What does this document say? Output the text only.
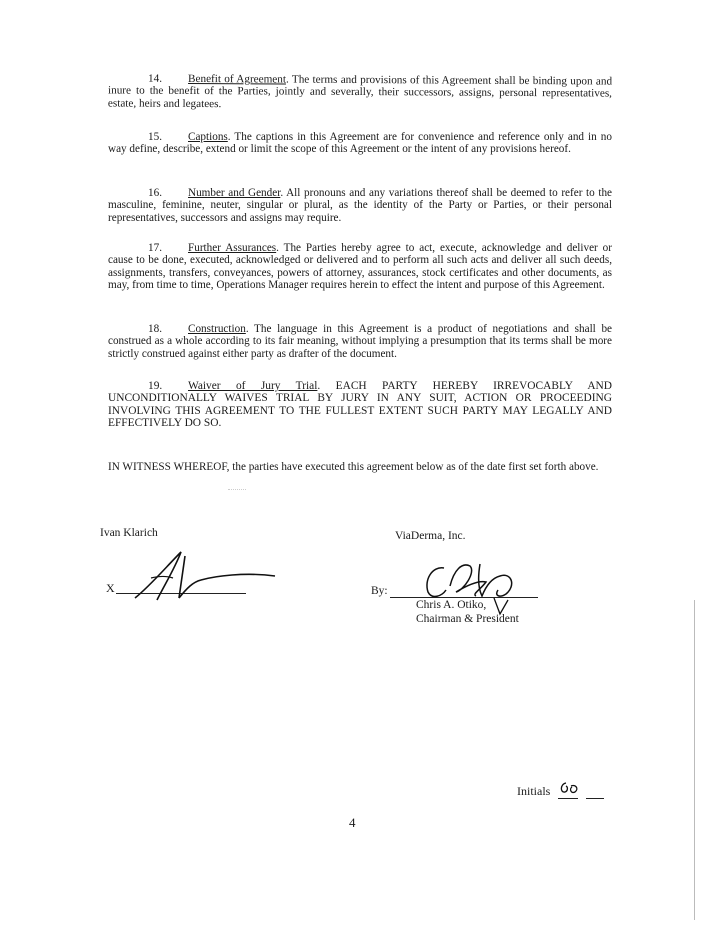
14. Benefit of Agreement. The terms and provisions of this Agreement shall be binding upon and inure to the benefit of the Parties, jointly and severally, their successors, assigns, personal representatives, estate, heirs and legatees.
15. Captions. The captions in this Agreement are for convenience and reference only and in no way define, describe, extend or limit the scope of this Agreement or the intent of any provisions hereof.
16. Number and Gender. All pronouns and any variations thereof shall be deemed to refer to the masculine, feminine, neuter, singular or plural, as the identity of the Party or Parties, or their personal representatives, successors and assigns may require.
17. Further Assurances. The Parties hereby agree to act, execute, acknowledge and deliver or cause to be done, executed, acknowledged or delivered and to perform all such acts and deliver all such deeds, assignments, transfers, conveyances, powers of attorney, assurances, stock certificates and other documents, as may, from time to time, Operations Manager requires herein to effect the intent and purpose of this Agreement.
18. Construction. The language in this Agreement is a product of negotiations and shall be construed as a whole according to its fair meaning, without implying a presumption that its terms shall be more strictly construed against either party as drafter of the document.
19. Waiver of Jury Trial. EACH PARTY HEREBY IRREVOCABLY AND UNCONDITIONALLY WAIVES TRIAL BY JURY IN ANY SUIT, ACTION OR PROCEEDING INVOLVING THIS AGREEMENT TO THE FULLEST EXTENT SUCH PARTY MAY LEGALLY AND EFFECTIVELY DO SO.
IN WITNESS WHEREOF, the parties have executed this agreement below as of the date first set forth above.
Ivan Klarich
X
ViaDerma, Inc.
By:
Chris A. Otiko,
Chairman & President
Initials
4
